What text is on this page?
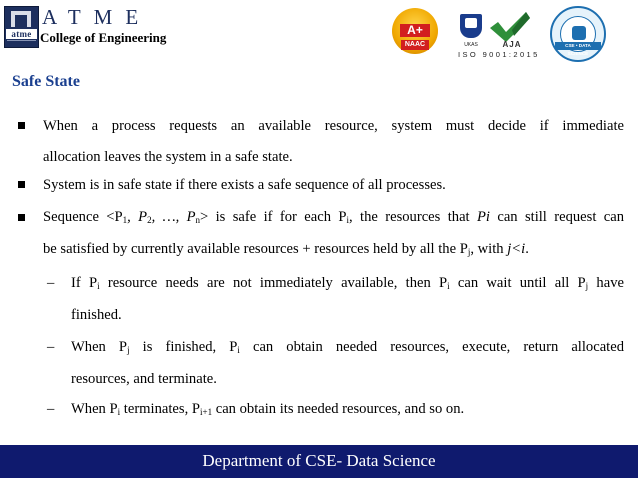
atme
ATME
College of Engineering	A+
NAAC	UKAS	AJA
ISO 9001:2015
CSE • DATA SCIENCE
Safe State
When a process requests an available resource, system must decide if immediate
allocation leaves the system in a safe state.
System is in safe state if there exists a safe sequence of all processes.
Sequence $<P_1$, $P_2$, …, $P_n>$ is safe if for each $P_i$, the resources that Pi can still request can
be satisfied by currently available resources + resources held by all the $P_j$, with j<i.
– If $P_i$ resource needs are not immediately available, then $P_i$ can wait until all $P_j$ have
finished.
– When $P_j$ is finished, $P_i$ can obtain needed resources, execute, return allocated
resources, and terminate.
– When $P_i$ terminates, $P_{i+1}$ can obtain its needed resources, and so on.
Department of CSE- Data Science
